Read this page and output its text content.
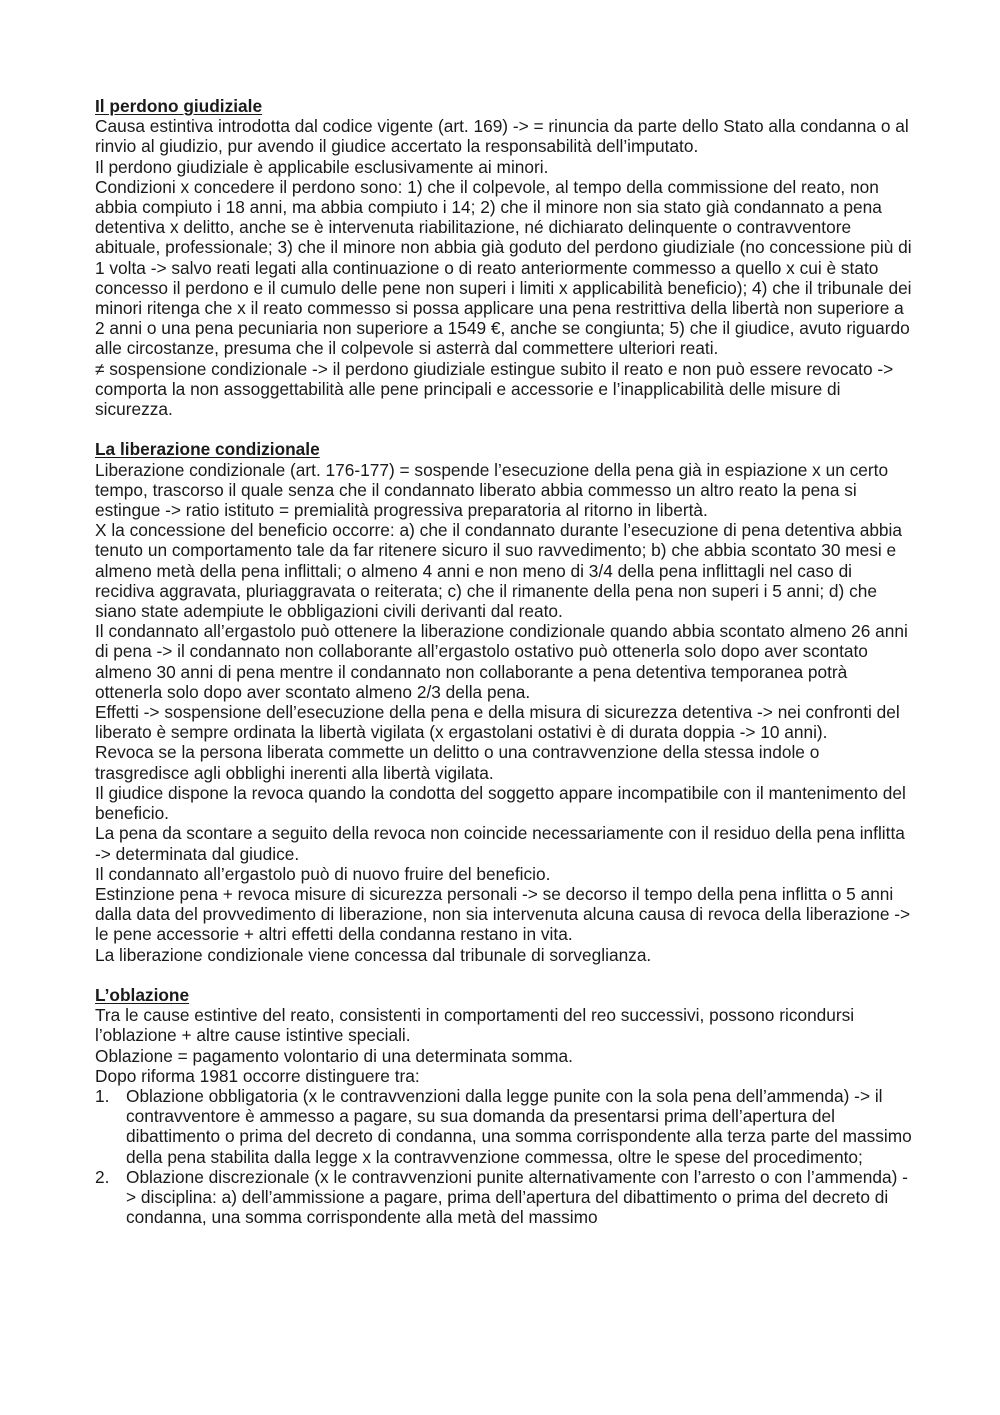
Il perdono giudiziale

Causa estintiva introdotta dal codice vigente (art. 169) -> = rinuncia da parte dello Stato alla condanna o al rinvio al giudizio, pur avendo il giudice accertato la responsabilità dell’imputato.

Il perdono giudiziale è applicabile esclusivamente ai minori.

Condizioni x concedere il perdono sono: 1) che il colpevole, al tempo della commissione del reato, non abbia compiuto i 18 anni, ma abbia compiuto i 14; 2) che il minore non sia stato già condannato a pena detentiva x delitto, anche se è intervenuta riabilitazione, né dichiarato delinquente o contravventore abituale, professionale; 3) che il minore non abbia già goduto del perdono giudiziale (no concessione più di 1 volta -> salvo reati legati alla continuazione o di reato anteriormente commesso a quello x cui è stato concesso il perdono e il cumulo delle pene non superi i limiti x applicabilità beneficio); 4) che il tribunale dei minori ritenga che x il reato commesso si possa applicare una pena restrittiva della libertà non superiore a 2 anni o una pena pecuniaria non superiore a 1549 €, anche se congiunta; 5) che il giudice, avuto riguardo alle circostanze, presuma che il colpevole si asterrà dal commettere ulteriori reati.

≠ sospensione condizionale -> il perdono giudiziale estingue subito il reato e non può essere revocato -> comporta la non assoggettabilità alle pene principali e accessorie e l’inapplicabilità delle misure di sicurezza.

La liberazione condizionale

Liberazione condizionale (art. 176-177) = sospende l’esecuzione della pena già in espiazione x un certo tempo, trascorso il quale senza che il condannato liberato abbia commesso un altro reato la pena si estingue -> ratio istituto = premialità progressiva preparatoria al ritorno in libertà.

X la concessione del beneficio occorre: a) che il condannato durante l’esecuzione di pena detentiva abbia tenuto un comportamento tale da far ritenere sicuro il suo ravvedimento; b) che abbia scontato 30 mesi e almeno metà della pena inflittali; o almeno 4 anni e non meno di 3/4 della pena inflittagli nel caso di recidiva aggravata, pluriaggravata o reiterata; c) che il rimanente della pena non superi i 5 anni; d) che siano state adempiute le obbligazioni civili derivanti dal reato.

Il condannato all’ergastolo può ottenere la liberazione condizionale quando abbia scontato almeno 26 anni di pena -> il condannato non collaborante all’ergastolo ostativo può ottenerla solo dopo aver scontato almeno 30 anni di pena mentre il condannato non collaborante a pena detentiva temporanea potrà ottenerla solo dopo aver scontato almeno 2/3 della pena.

Effetti -> sospensione dell’esecuzione della pena e della misura di sicurezza detentiva -> nei confronti del liberato è sempre ordinata la libertà vigilata (x ergastolani ostativi è di durata doppia -> 10 anni).

Revoca se la persona liberata commette un delitto o una contravvenzione della stessa indole o trasgredisce agli obblighi inerenti alla libertà vigilata.

Il giudice dispone la revoca quando la condotta del soggetto appare incompatibile con il mantenimento del beneficio.

La pena da scontare a seguito della revoca non coincide necessariamente con il residuo della pena inflitta -> determinata dal giudice.

Il condannato all’ergastolo può di nuovo fruire del beneficio.

Estinzione pena + revoca misure di sicurezza personali -> se decorso il tempo della pena inflitta o 5 anni dalla data del provvedimento di liberazione, non sia intervenuta alcuna causa di revoca della liberazione -> le pene accessorie + altri effetti della condanna restano in vita.

La liberazione condizionale viene concessa dal tribunale di sorveglianza.

L’oblazione

Tra le cause estintive del reato, consistenti in comportamenti del reo successivi, possono ricondursi l’oblazione + altre cause istintive speciali.

Oblazione = pagamento volontario di una determinata somma.

Dopo riforma 1981 occorre distinguere tra:

1. Oblazione obbligatoria (x le contravvenzioni dalla legge punite con la sola pena dell’ammenda) -> il contravventore è ammesso a pagare, su sua domanda da presentarsi prima dell’apertura del dibattimento o prima del decreto di condanna, una somma corrispondente alla terza parte del massimo della pena stabilita dalla legge x la contravvenzione commessa, oltre le spese del procedimento;
2. Oblazione discrezionale (x le contravvenzioni punite alternativamente con l’arresto o con l’ammenda) -> disciplina: a) dell’ammissione a pagare, prima dell’apertura del dibattimento o prima del decreto di condanna, una somma corrispondente alla metà del massimo
